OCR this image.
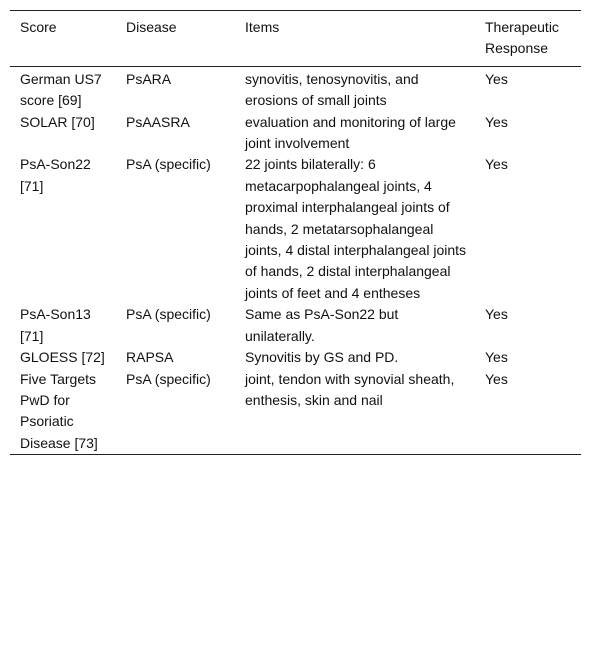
Score	Disease	Items	Therapeutic Response
German US7 score [69]	PsARA	synovitis, tenosynovitis, and erosions of small joints	Yes
SOLAR [70]	PsAASRA	evaluation and monitoring of large joint involvement	Yes
PsA-Son22 [71]	PsA (specific)	22 joints bilaterally: 6 metacarpophalangeal joints, 4 proximal interphalangeal joints of hands, 2 metatarsophalangeal joints, 4 distal interphalangeal joints of hands, 2 distal interphalangeal joints of feet and 4 entheses	Yes
PsA-Son13 [71]	PsA (specific)	Same as PsA-Son22 but unilaterally.	Yes
GLOESS [72]	RAPSA	Synovitis by GS and PD.	Yes
Five Targets PwD for Psoriatic Disease [73]	PsA (specific)	joint, tendon with synovial sheath, enthesis, skin and nail	Yes
